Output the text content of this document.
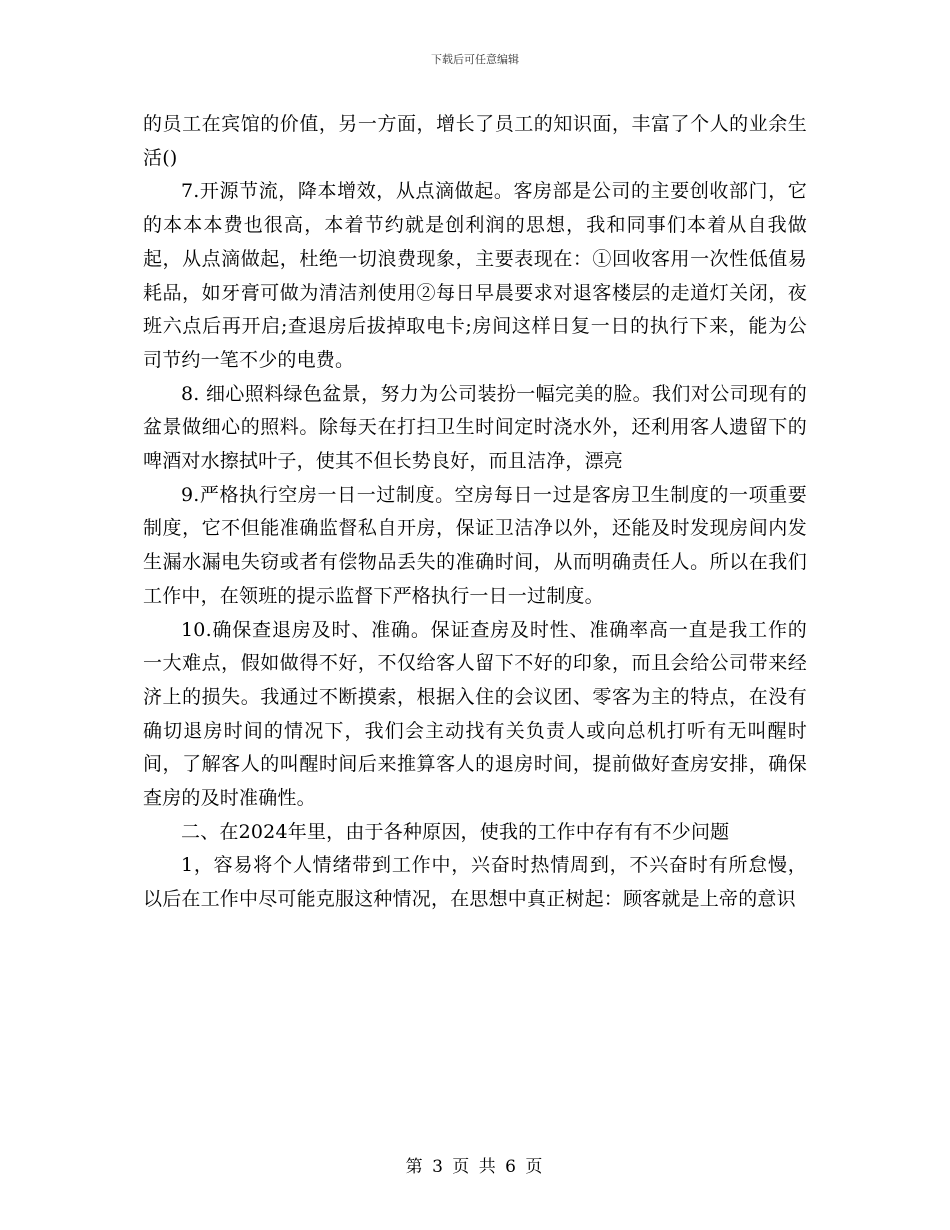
下载后可任意编辑

的员工在宾馆的价值，另一方面，增长了员工的知识面，丰富了个人的业余生活()

7.开源节流，降本增效，从点滴做起。客房部是公司的主要创收部门，它的本本本费也很高，本着节约就是创利润的思想，我和同事们本着从自我做起，从点滴做起，杜绝一切浪费现象，主要表现在：①回收客用一次性低值易耗品，如牙膏可做为清洁剂使用②每日早晨要求对退客楼层的走道灯关闭，夜班六点后再开启;查退房后拔掉取电卡;房间这样日复一日的执行下来，能为公司节约一笔不少的电费。

8. 细心照料绿色盆景，努力为公司装扮一幅完美的脸。我们对公司现有的盆景做细心的照料。除每天在打扫卫生时间定时浇水外，还利用客人遗留下的啤酒对水擦拭叶子，使其不但长势良好，而且洁净，漂亮

9.严格执行空房一日一过制度。空房每日一过是客房卫生制度的一项重要制度，它不但能准确监督私自开房，保证卫洁净以外，还能及时发现房间内发生漏水漏电失窃或者有偿物品丢失的准确时间，从而明确责任人。所以在我们工作中，在领班的提示监督下严格执行一日一过制度。

10.确保查退房及时、准确。保证查房及时性、准确率高一直是我工作的一大难点，假如做得不好，不仅给客人留下不好的印象，而且会给公司带来经济上的损失。我通过不断摸索，根据入住的会议团、零客为主的特点，在没有确切退房时间的情况下，我们会主动找有关负责人或向总机打听有无叫醒时间，了解客人的叫醒时间后来推算客人的退房时间，提前做好查房安排，确保查房的及时准确性。

二、在2024年里，由于各种原因，使我的工作中存有有不少问题

1，容易将个人情绪带到工作中，兴奋时热情周到，不兴奋时有所怠慢，以后在工作中尽可能克服这种情况，在思想中真正树起：顾客就是上帝的意识

第 3 页 共 6 页
